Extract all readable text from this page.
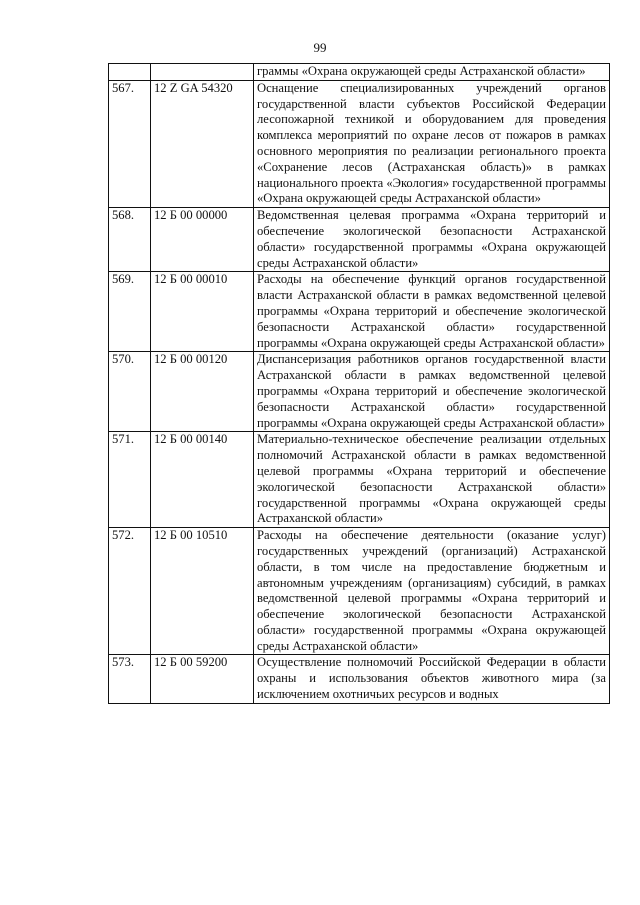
99
		граммы «Охрана окружающей среды Астраханской области»
567.	12 Z GA 54320	Оснащение специализированных учреждений органов государственной власти субъектов Российской Федерации лесопожарной техникой и оборудованием для проведения комплекса мероприятий по охране лесов от пожаров в рамках основного мероприятия по реализации регионального проекта «Сохранение лесов (Астраханская область)» в рамках национального проекта «Экология» государственной программы «Охрана окружающей среды Астраханской области»
568.	12 Б 00 00000	Ведомственная целевая программа «Охрана территорий и обеспечение экологической безопасности Астраханской области» государственной программы «Охрана окружающей среды Астраханской области»
569.	12 Б 00 00010	Расходы на обеспечение функций органов государственной власти Астраханской области в рамках ведомственной целевой программы «Охрана территорий и обеспечение экологической безопасности Астраханской области» государственной программы «Охрана окружающей среды Астраханской области»
570.	12 Б 00 00120	Диспансеризация работников органов государственной власти Астраханской области в рамках ведомственной целевой программы «Охрана территорий и обеспечение экологической безопасности Астраханской области» государственной программы «Охрана окружающей среды Астраханской области»
571.	12 Б 00 00140	Материально-техническое обеспечение реализации отдельных полномочий Астраханской области в рамках ведомственной целевой программы «Охрана территорий и обеспечение экологической безопасности Астраханской области» государственной программы «Охрана окружающей среды Астраханской области»
572.	12 Б 00 10510	Расходы на обеспечение деятельности (оказание услуг) государственных учреждений (организаций) Астраханской области, в том числе на предоставление бюджетным и автономным учреждениям (организациям) субсидий, в рамках ведомственной целевой программы «Охрана территорий и обеспечение экологической безопасности Астраханской области» государственной программы «Охрана окружающей среды Астраханской области»
573.	12 Б 00 59200	Осуществление полномочий Российской Федерации в области охраны и использования объектов животного мира (за исключением охотничьих ресурсов и водных
